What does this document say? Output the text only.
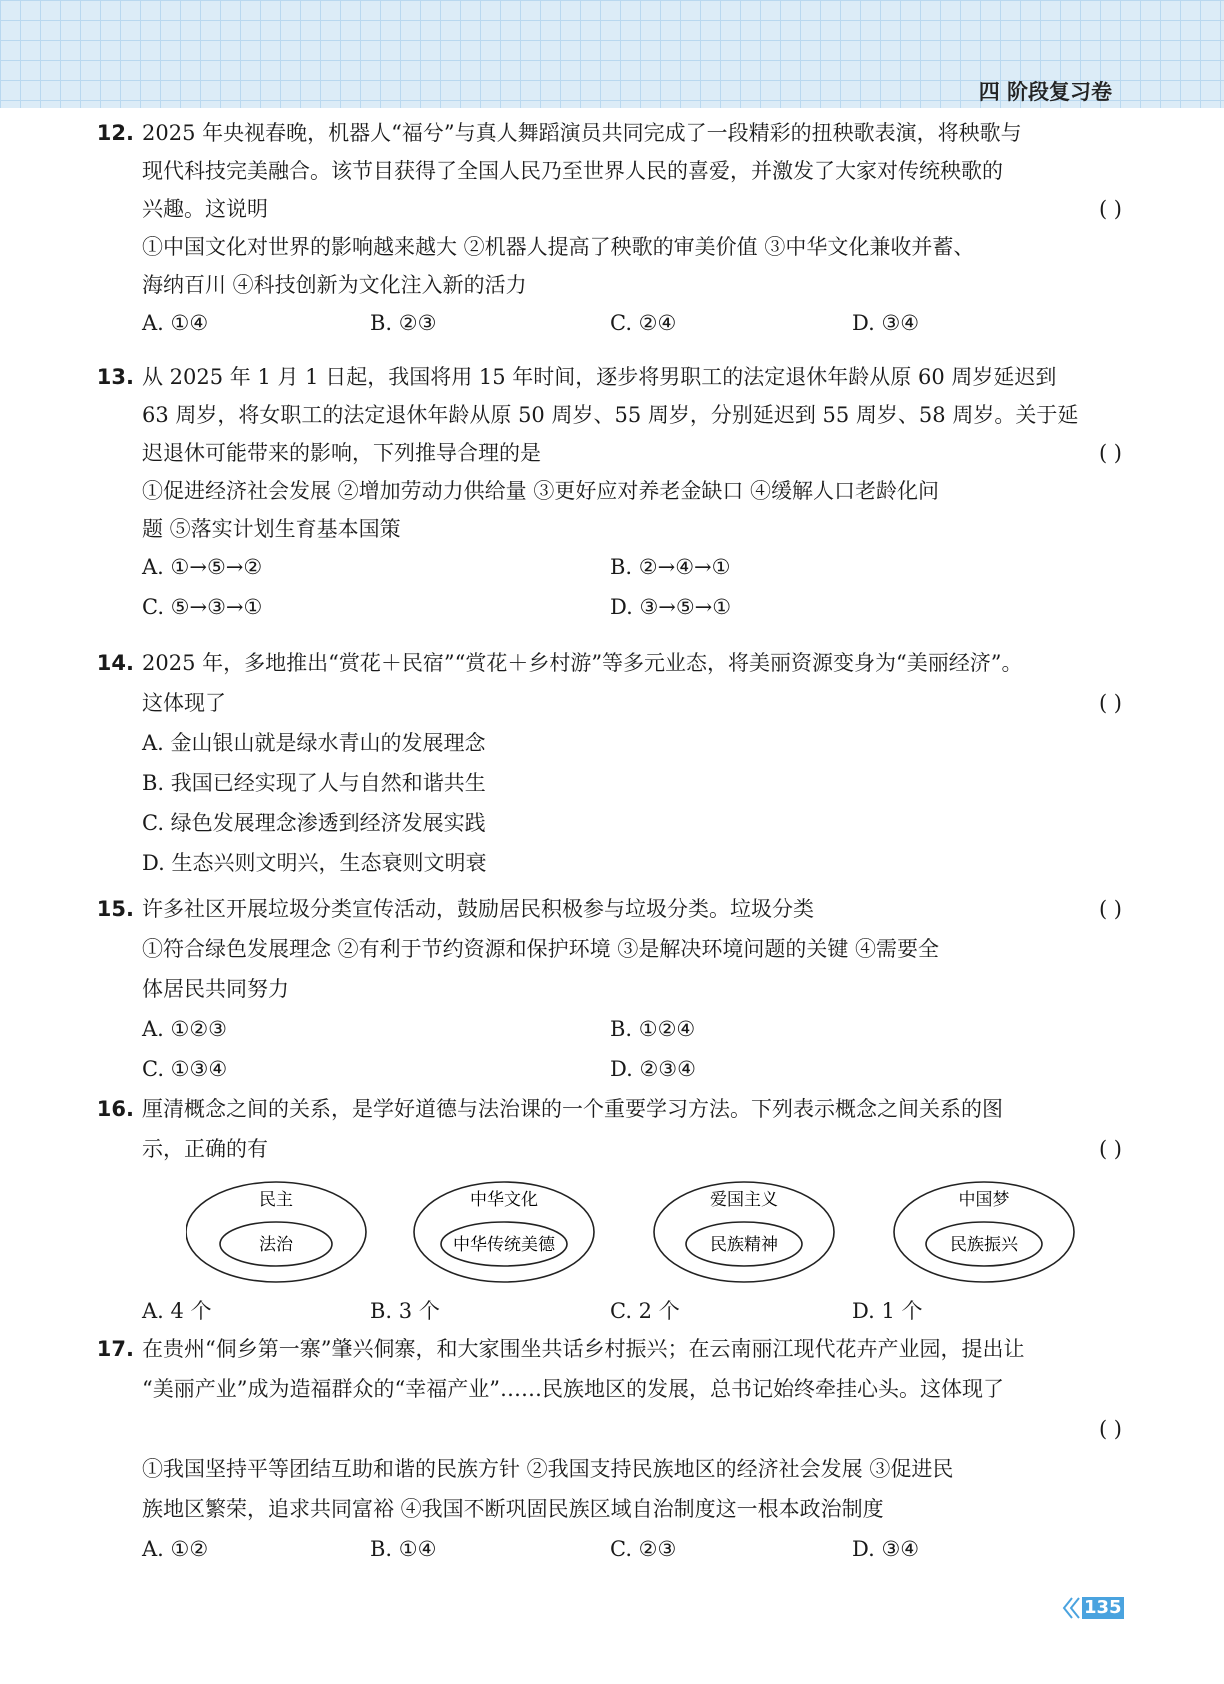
四 阶段复习卷
12. 2025 年央视春晚，机器人“福兮”与真人舞蹈演员共同完成了一段精彩的扭秧歌表演，将秧歌与
现代科技完美融合。该节目获得了全国人民乃至世界人民的喜爱，并激发了大家对传统秧歌的
兴趣。这说明	( )
①中国文化对世界的影响越来越大 ②机器人提高了秧歌的审美价值 ③中华文化兼收并蓄、
海纳百川 ④科技创新为文化注入新的活力
A. ①④	B. ②③	C. ②④	D. ③④
13. 从 2025 年 1 月 1 日起，我国将用 15 年时间，逐步将男职工的法定退休年龄从原 60 周岁延迟到
63 周岁，将女职工的法定退休年龄从原 50 周岁、55 周岁，分别延迟到 55 周岁、58 周岁。关于延
迟退休可能带来的影响，下列推导合理的是	( )
①促进经济社会发展 ②增加劳动力供给量 ③更好应对养老金缺口 ④缓解人口老龄化问
题 ⑤落实计划生育基本国策
A. ①→⑤→②	B. ②→④→①
C. ⑤→③→①	D. ③→⑤→①
14. 2025 年，多地推出“赏花＋民宿”“赏花＋乡村游”等多元业态，将美丽资源变身为“美丽经济”。
这体现了	( )
A. 金山银山就是绿水青山的发展理念
B. 我国已经实现了人与自然和谐共生
C. 绿色发展理念渗透到经济发展实践
D. 生态兴则文明兴，生态衰则文明衰
15. 许多社区开展垃圾分类宣传活动，鼓励居民积极参与垃圾分类。垃圾分类	( )
①符合绿色发展理念 ②有利于节约资源和保护环境 ③是解决环境问题的关键 ④需要全
体居民共同努力
A. ①②③	B. ①②④
C. ①③④	D. ②③④
16. 厘清概念之间的关系，是学好道德与法治课的一个重要学习方法。下列表示概念之间关系的图
示，正确的有	( )
民主
法治
中华文化
中华传统美德
爱国主义
民族精神
中国梦
民族振兴
A. 4 个	B. 3 个	C. 2 个	D. 1 个
17. 在贵州“侗乡第一寨”肇兴侗寨，和大家围坐共话乡村振兴；在云南丽江现代花卉产业园，提出让
“美丽产业”成为造福群众的“幸福产业”……民族地区的发展，总书记始终牵挂心头。这体现了
( )
①我国坚持平等团结互助和谐的民族方针 ②我国支持民族地区的经济社会发展 ③促进民
族地区繁荣，追求共同富裕 ④我国不断巩固民族区域自治制度这一根本政治制度
A. ①②	B. ①④	C. ②③	D. ③④
135
